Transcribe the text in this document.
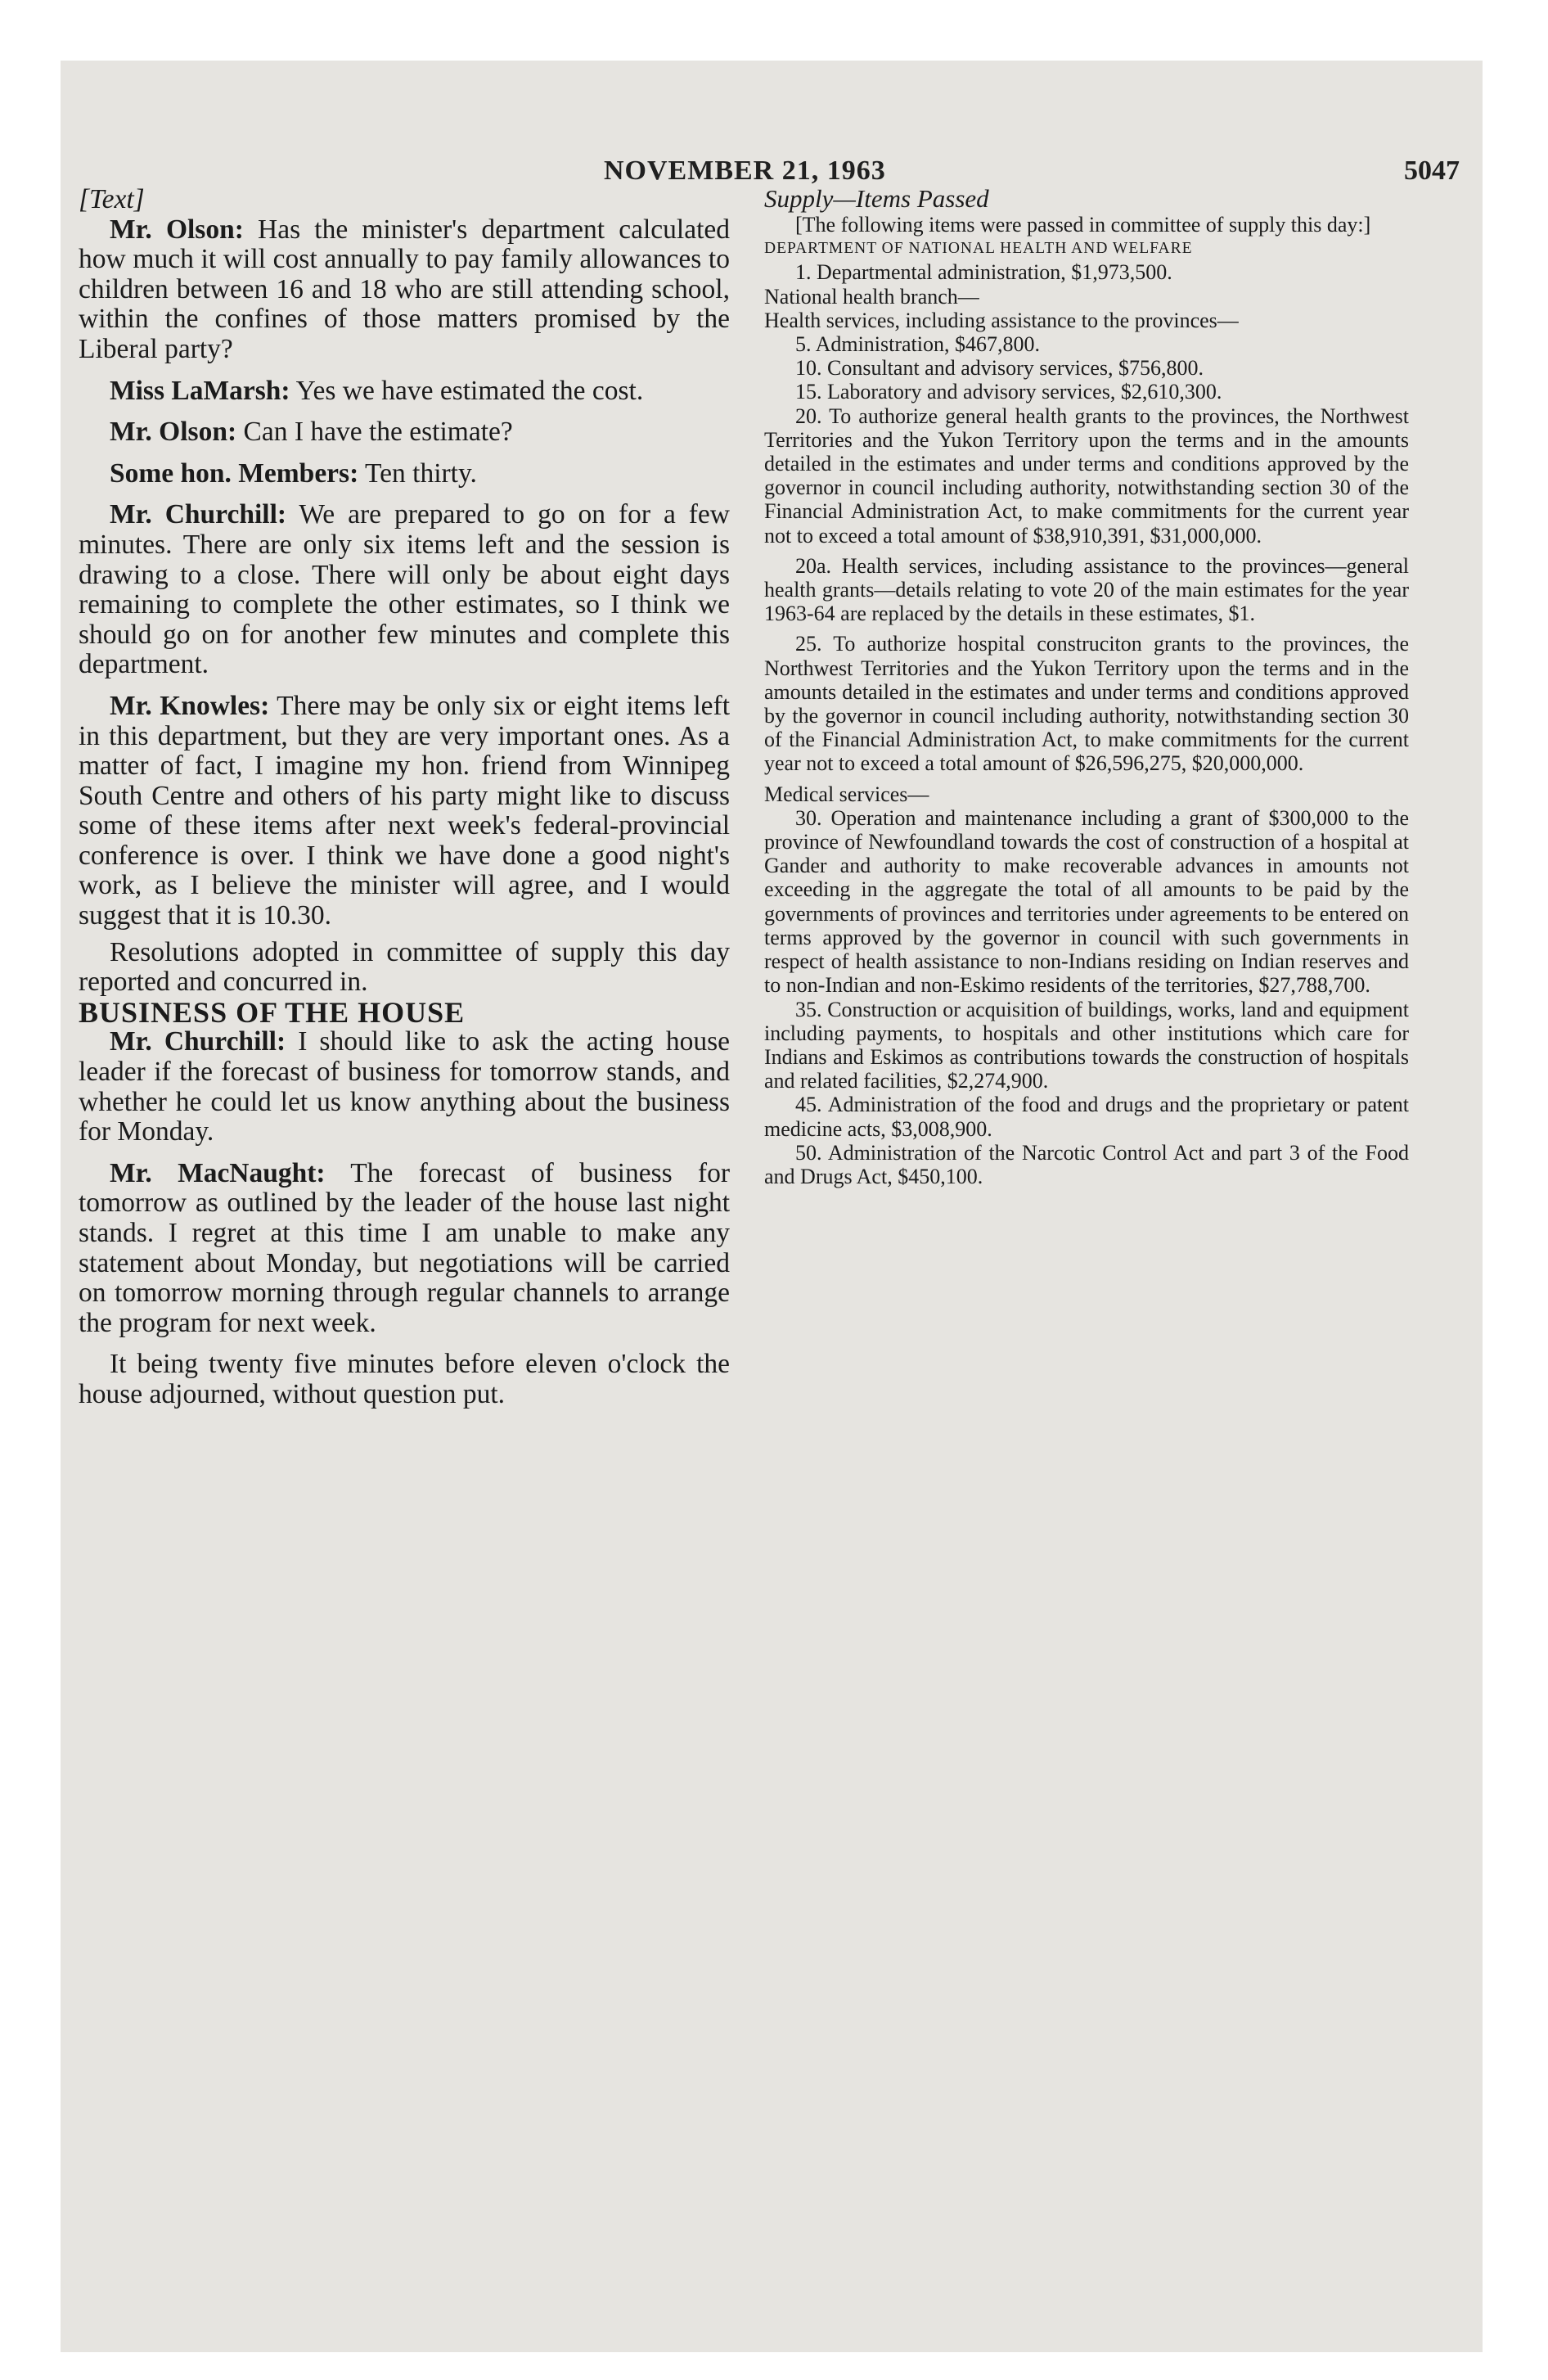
NOVEMBER 21, 1963	5047

[Text]

Mr. Olson: Has the minister's department calculated how much it will cost annually to pay family allowances to children between 16 and 18 who are still attending school, within the confines of those matters promised by the Liberal party?

Miss LaMarsh: Yes we have estimated the cost.

Mr. Olson: Can I have the estimate?

Some hon. Members: Ten thirty.

Mr. Churchill: We are prepared to go on for a few minutes. There are only six items left and the session is drawing to a close. There will only be about eight days remaining to complete the other estimates, so I think we should go on for another few minutes and complete this department.

Mr. Knowles: There may be only six or eight items left in this department, but they are very important ones. As a matter of fact, I imagine my hon. friend from Winnipeg South Centre and others of his party might like to discuss some of these items after next week's federal-provincial conference is over. I think we have done a good night's work, as I believe the minister will agree, and I would suggest that it is 10.30.

Resolutions adopted in committee of supply this day reported and concurred in.

BUSINESS OF THE HOUSE

Mr. Churchill: I should like to ask the acting house leader if the forecast of business for tomorrow stands, and whether he could let us know anything about the business for Monday.

Mr. MacNaught: The forecast of business for tomorrow as outlined by the leader of the house last night stands. I regret at this time I am unable to make any statement about Monday, but negotiations will be carried on tomorrow morning through regular channels to arrange the program for next week.

It being twenty five minutes before eleven o'clock the house adjourned, without question put.

Supply—Items Passed

[The following items were passed in committee of supply this day:]

DEPARTMENT OF NATIONAL HEALTH AND WELFARE

1. Departmental administration, $1,973,500.

National health branch—

Health services, including assistance to the provinces—

5. Administration, $467,800.

10. Consultant and advisory services, $756,800.

15. Laboratory and advisory services, $2,610,300.

20. To authorize general health grants to the provinces, the Northwest Territories and the Yukon Territory upon the terms and in the amounts detailed in the estimates and under terms and conditions approved by the governor in council including authority, notwithstanding section 30 of the Financial Administration Act, to make commitments for the current year not to exceed a total amount of $38,910,391, $31,000,000.

20a. Health services, including assistance to the provinces—general health grants—details relating to vote 20 of the main estimates for the year 1963-64 are replaced by the details in these estimates, $1.

25. To authorize hospital construciton grants to the provinces, the Northwest Territories and the Yukon Territory upon the terms and in the amounts detailed in the estimates and under terms and conditions approved by the governor in council including authority, notwithstanding section 30 of the Financial Administration Act, to make commitments for the current year not to exceed a total amount of $26,596,275, $20,000,000.

Medical services—

30. Operation and maintenance including a grant of $300,000 to the province of Newfoundland towards the cost of construction of a hospital at Gander and authority to make recoverable advances in amounts not exceeding in the aggregate the total of all amounts to be paid by the governments of provinces and territories under agreements to be entered on terms approved by the governor in council with such governments in respect of health assistance to non-Indians residing on Indian reserves and to non-Indian and non-Eskimo residents of the territories, $27,788,700.

35. Construction or acquisition of buildings, works, land and equipment including payments, to hospitals and other institutions which care for Indians and Eskimos as contributions towards the construction of hospitals and related facilities, $2,274,900.

45. Administration of the food and drugs and the proprietary or patent medicine acts, $3,008,900.

50. Administration of the Narcotic Control Act and part 3 of the Food and Drugs Act, $450,100.
